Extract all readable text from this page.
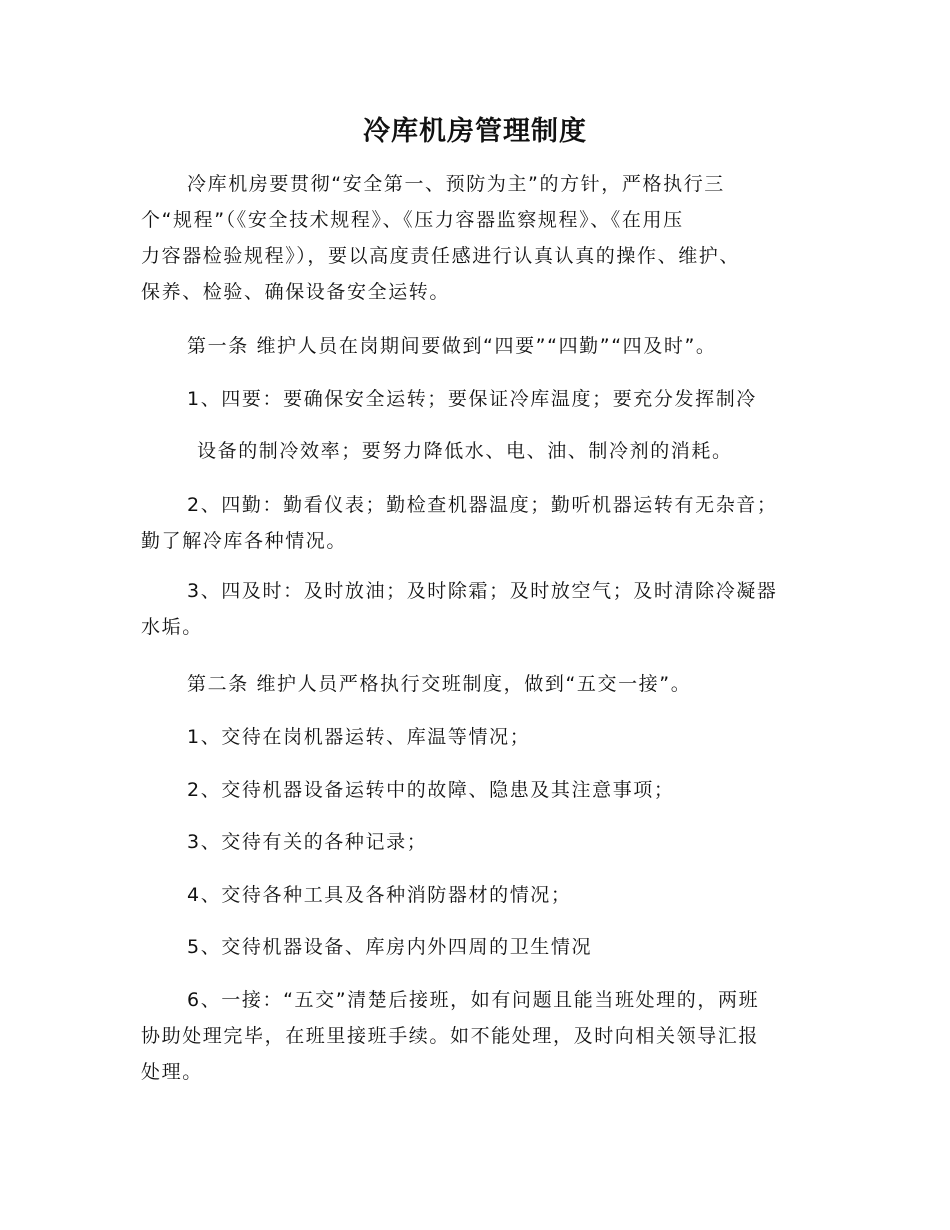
冷库机房管理制度
冷库机房要贯彻“安全第一、预防为主”的方针，严格执行三
个“规程”（《安全技术规程》、《压力容器监察规程》、《在用压
力容器检验规程》），要以高度责任感进行认真认真的操作、维护、
保养、检验、确保设备安全运转。
第一条 维护人员在岗期间要做到“四要”“四勤”“四及时”。
1、四要：要确保安全运转；要保证冷库温度；要充分发挥制冷
设备的制冷效率；要努力降低水、电、油、制冷剂的消耗。
2、四勤：勤看仪表；勤检查机器温度；勤听机器运转有无杂音；
勤了解冷库各种情况。
3、四及时：及时放油；及时除霜；及时放空气；及时清除冷凝器
水垢。
第二条 维护人员严格执行交班制度，做到“五交一接”。
1、交待在岗机器运转、库温等情况；
2、交待机器设备运转中的故障、隐患及其注意事项；
3、交待有关的各种记录；
4、交待各种工具及各种消防器材的情况；
5、交待机器设备、库房内外四周的卫生情况
6、一接：“五交”清楚后接班，如有问题且能当班处理的，两班
协助处理完毕，在班里接班手续。如不能处理，及时向相关领导汇报
处理。
